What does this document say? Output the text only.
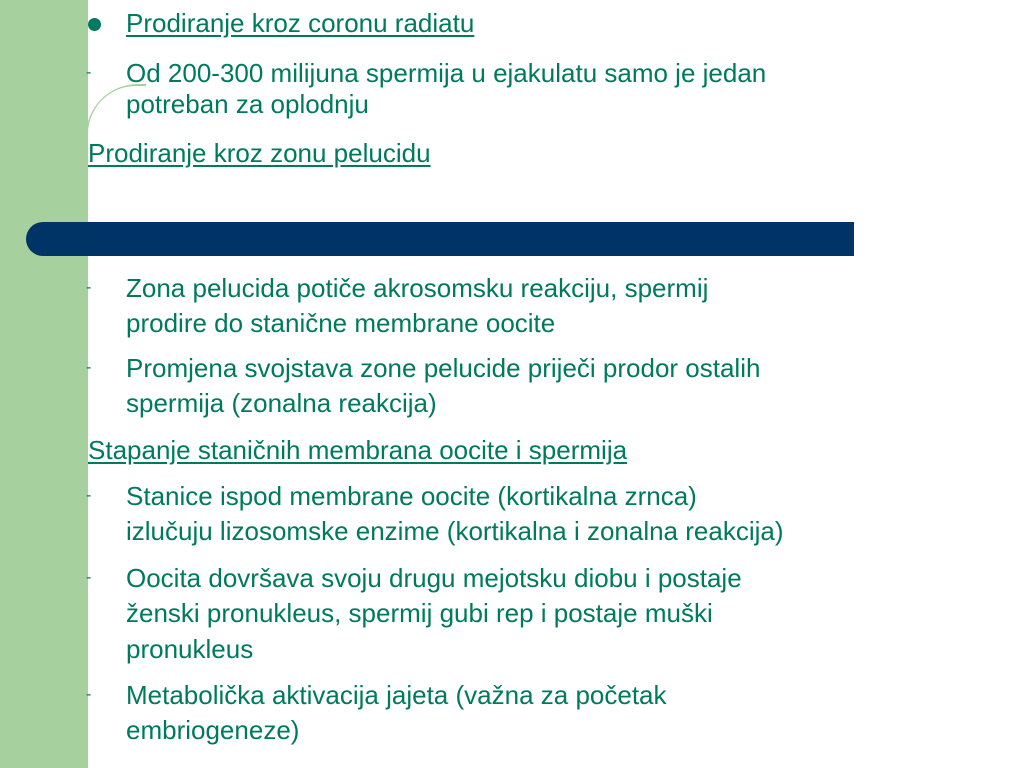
Prodiranje kroz coronu radiatu
- Od 200-300 milijuna spermija u ejakulatu samo je jedan
potreban za oplodnju
Prodiranje kroz zonu pelucidu
- Zona pelucida potiče akrosomsku reakciju, spermij
prodire do stanične membrane oocite
- Promjena svojstava zone pelucide priječi prodor ostalih
spermija (zonalna reakcija)
Stapanje staničnih membrana oocite i spermija
- Stanice ispod membrane oocite (kortikalna zrnca)
izlučuju lizosomske enzime (kortikalna i zonalna reakcija)
- Oocita dovršava svoju drugu mejotsku diobu i postaje
ženski pronukleus, spermij gubi rep i postaje muški
pronukleus
- Metabolička aktivacija jajeta (važna za početak
embriogeneze)
